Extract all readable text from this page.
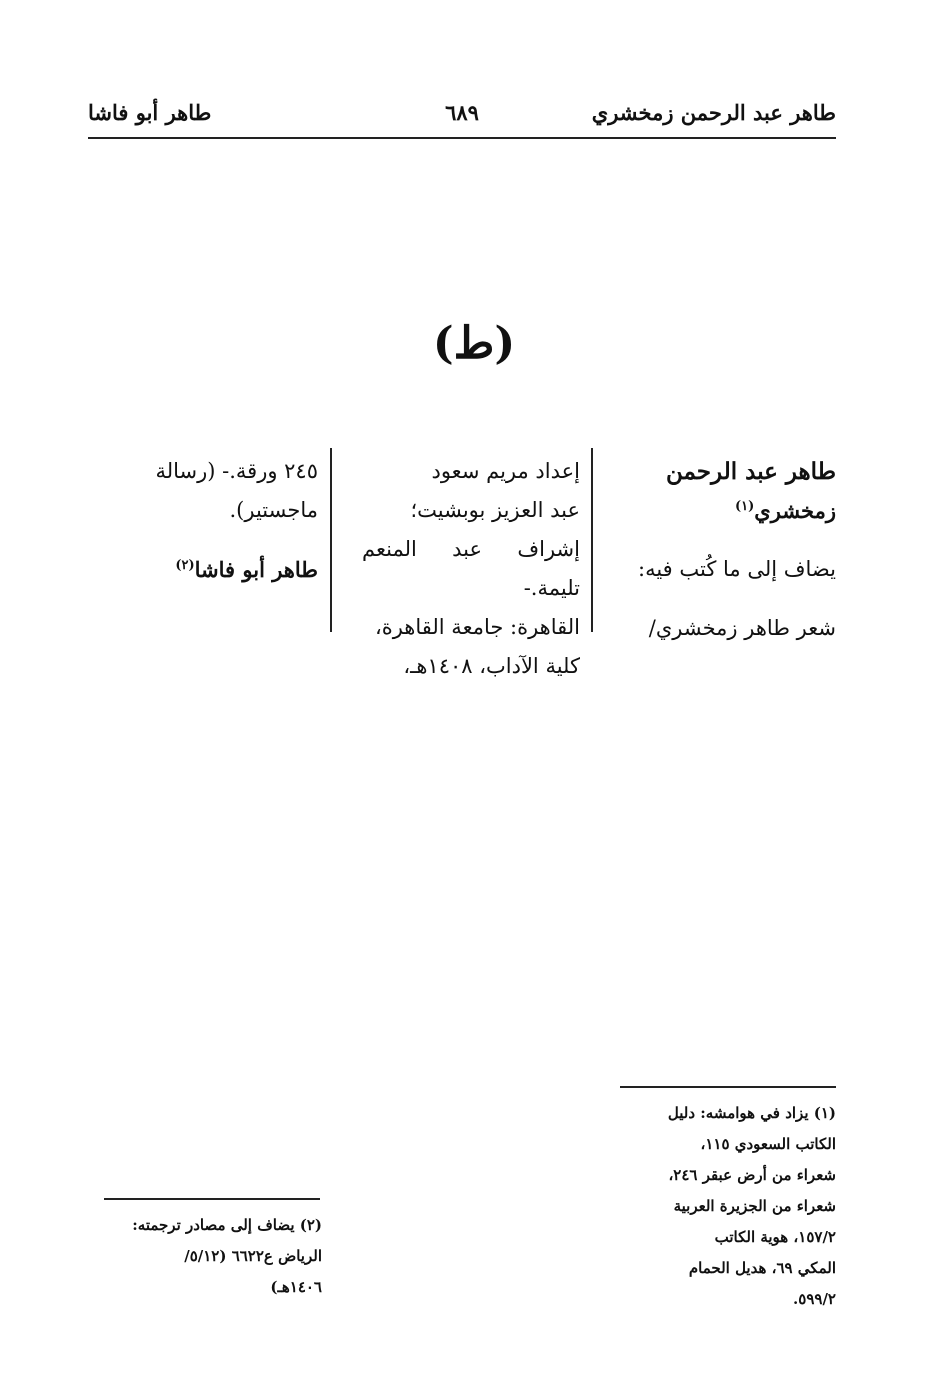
طاهر عبد الرحمن زمخشري
٦٨٩
طاهر أبو فاشا
(ط)

طاهر عبد الرحمن

زمخشري$^{(١)}$

يضاف إلى ما كُتب فيه:

شعر طاهر زمخشري/

إعداد مريم سعود

عبد العزيز بوبشيت؛

إشراف عبد المنعم تليمة.-

القاهرة: جامعة القاهرة،

كلية الآداب، ١٤٠٨هـ،

٢٤٥ ورقة.- (رسالة

ماجستير).

طاهر أبو فاشا$^{(٢)}$

(١) يزاد في هوامشه: دليل

الكاتب السعودي ١١٥،

شعراء من أرض عبقر ٢٤٦،

شعراء من الجزيرة العربية

١٥٧/٢، هوية الكاتب

المكي ٦٩، هديل الحمام

٥٩٩/٢.

(٢) يضاف إلى مصادر ترجمته:

الرياض ع٦٦٢٢ (٥/١٢/

١٤٠٦هـ)
